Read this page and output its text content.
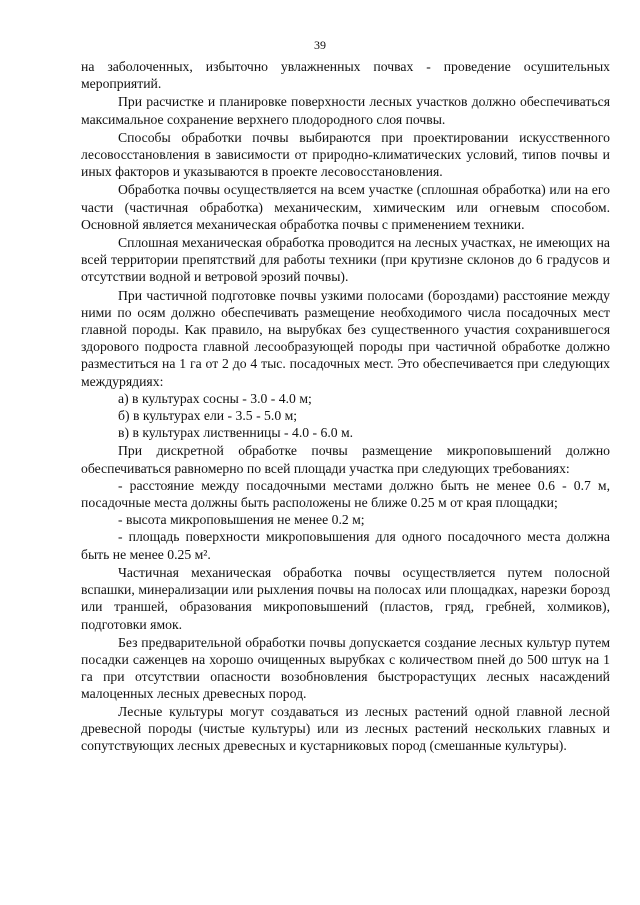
39

на заболоченных, избыточно увлажненных почвах - проведение осушительных мероприятий.

При расчистке и планировке поверхности лесных участков должно обеспечиваться максимальное сохранение верхнего плодородного слоя почвы.

Способы обработки почвы выбираются при проектировании искусственного лесовосстановления в зависимости от природно-климатических условий, типов почвы и иных факторов и указываются в проекте лесовосстановления.

Обработка почвы осуществляется на всем участке (сплошная обработка) или на его части (частичная обработка) механическим, химическим или огневым способом. Основной является механическая обработка почвы с применением техники.

Сплошная механическая обработка проводится на лесных участках, не имеющих на всей территории препятствий для работы техники (при крутизне склонов до 6 градусов и отсутствии водной и ветровой эрозий почвы).

При частичной подготовке почвы узкими полосами (бороздами) расстояние между ними по осям должно обеспечивать размещение необходимого числа посадочных мест главной породы. Как правило, на вырубках без существенного участия сохранившегося здорового подроста главной лесообразующей породы при частичной обработке должно разместиться на 1 га от 2 до 4 тыс. посадочных мест. Это обеспечивается при следующих междурядиях:

а) в культурах сосны - 3.0 - 4.0 м;

б) в культурах ели - 3.5 - 5.0 м;

в) в культурах лиственницы - 4.0 - 6.0 м.

При дискретной обработке почвы размещение микроповышений должно обеспечиваться равномерно по всей площади участка при следующих требованиях:

- расстояние между посадочными местами должно быть не менее 0.6 - 0.7 м, посадочные места должны быть расположены не ближе 0.25 м от края площадки;

- высота микроповышения не менее 0.2 м;

- площадь поверхности микроповышения для одного посадочного места должна быть не менее 0.25 м².

Частичная механическая обработка почвы осуществляется путем полосной вспашки, минерализации или рыхления почвы на полосах или площадках, нарезки борозд или траншей, образования микроповышений (пластов, гряд, гребней, холмиков), подготовки ямок.

Без предварительной обработки почвы допускается создание лесных культур путем посадки саженцев на хорошо очищенных вырубках с количеством пней до 500 штук на 1 га при отсутствии опасности возобновления быстрорастущих лесных насаждений малоценных лесных древесных пород.

Лесные культуры могут создаваться из лесных растений одной главной лесной древесной породы (чистые культуры) или из лесных растений нескольких главных и сопутствующих лесных древесных и кустарниковых пород (смешанные культуры).
